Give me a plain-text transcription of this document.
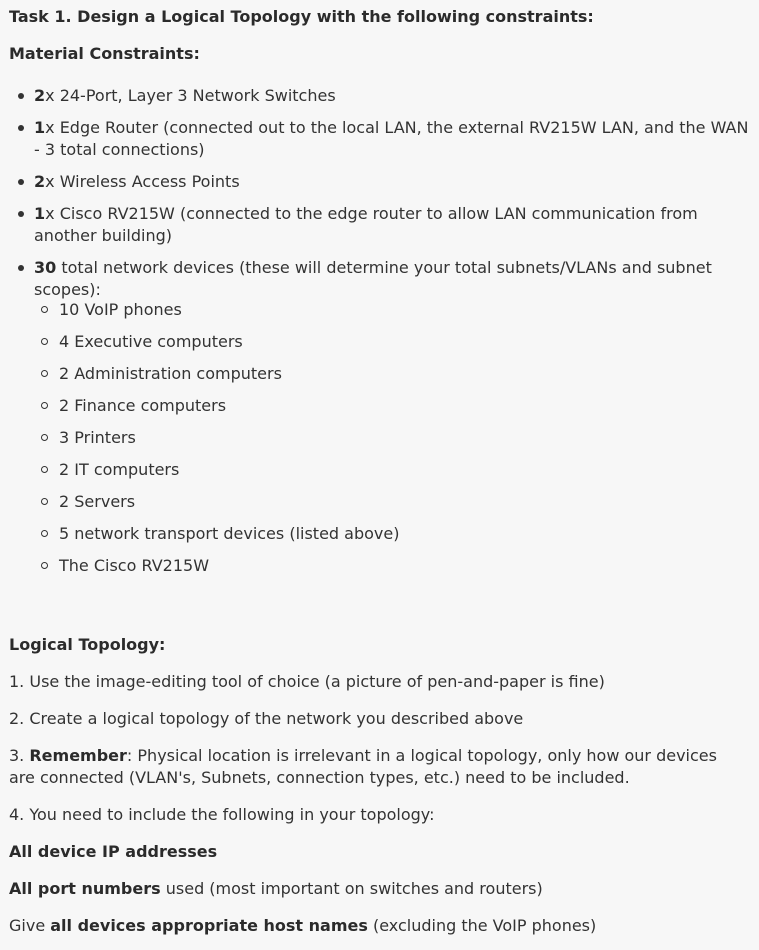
Task 1. Design a Logical Topology with the following constraints:
Material Constraints:
2x 24-Port, Layer 3 Network Switches
1x Edge Router (connected out to the local LAN, the external RV215W LAN, and the WAN - 3 total connections)
2x Wireless Access Points
1x Cisco RV215W (connected to the edge router to allow LAN communication from another building)
30 total network devices (these will determine your total subnets/VLANs and subnet scopes):
10 VoIP phones
4 Executive computers
2 Administration computers
2 Finance computers
3 Printers
2 IT computers
2 Servers
5 network transport devices (listed above)
The Cisco RV215W
Logical Topology:
1. Use the image-editing tool of choice (a picture of pen-and-paper is fine)
2. Create a logical topology of the network you described above
3. Remember: Physical location is irrelevant in a logical topology, only how our devices are connected (VLAN's, Subnets, connection types, etc.) need to be included.
4. You need to include the following in your topology:
All device IP addresses
All port numbers used (most important on switches and routers)
Give all devices appropriate host names (excluding the VoIP phones)
